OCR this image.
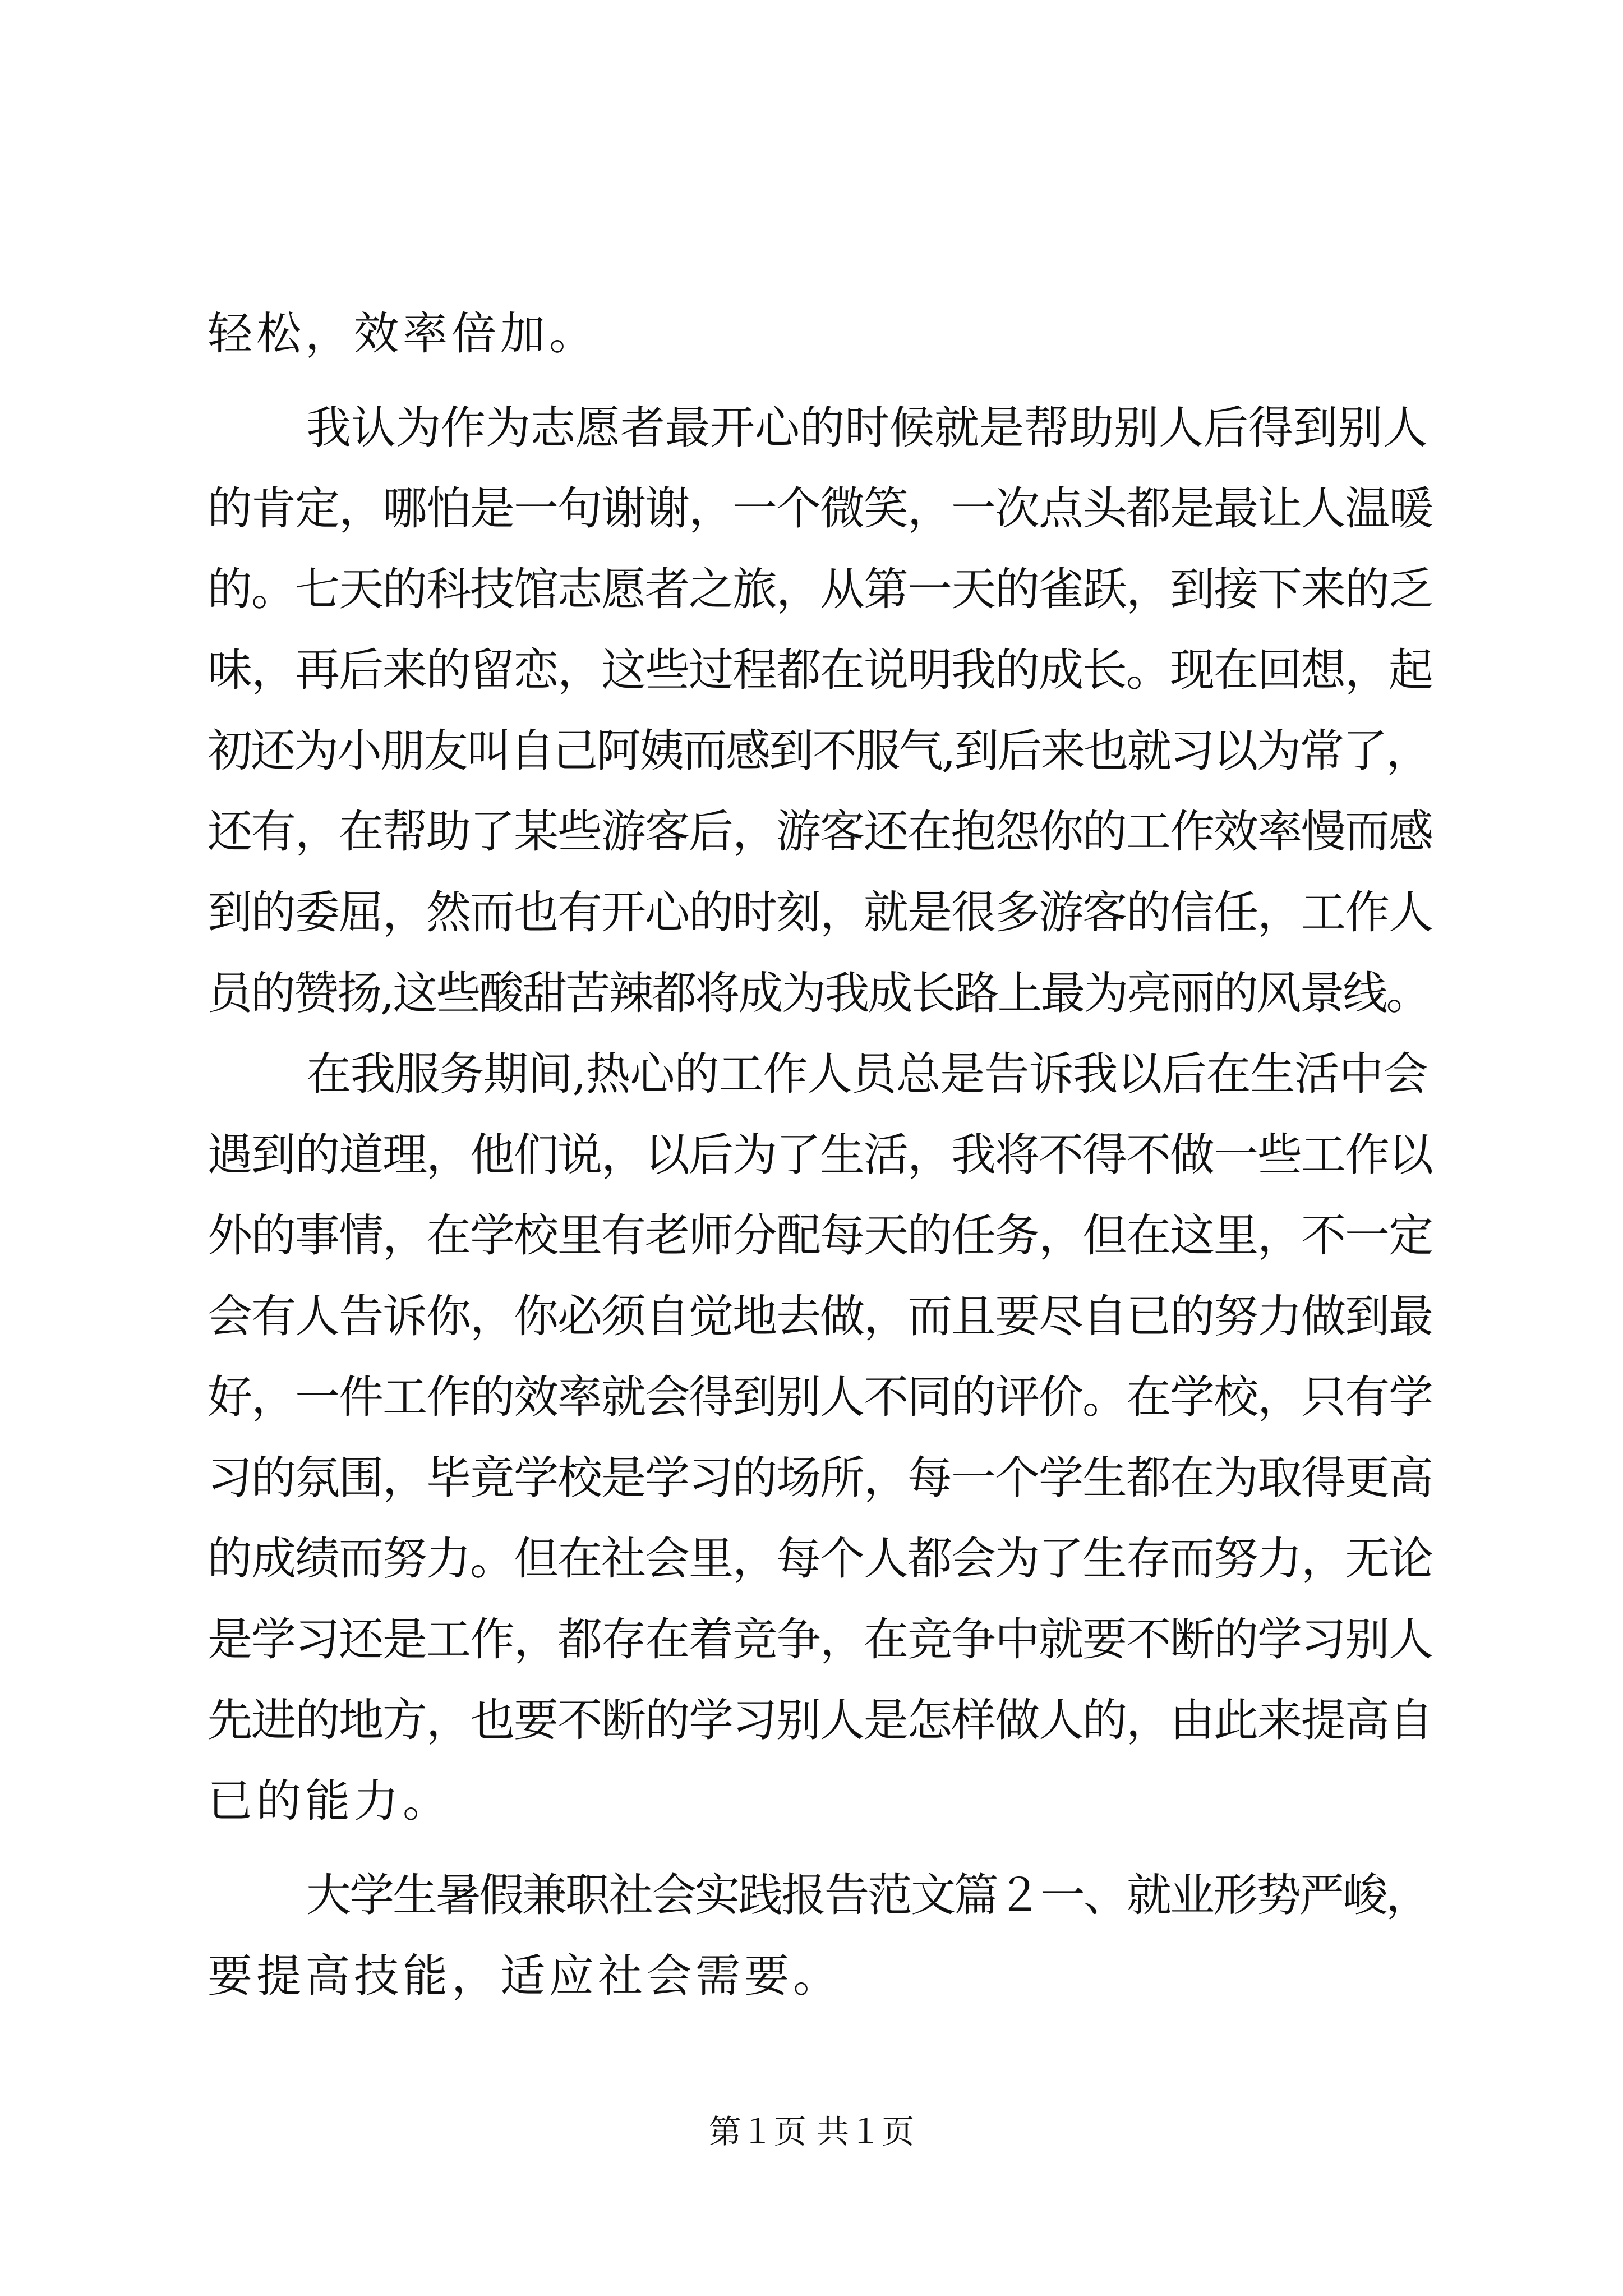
轻松，效率倍加。
我认为作为志愿者最开心的时候就是帮助别人后得到别人
的肯定，哪怕是一句谢谢，一个微笑，一次点头都是最让人温暖
的。七天的科技馆志愿者之旅，从第一天的雀跃，到接下来的乏
味，再后来的留恋，这些过程都在说明我的成长。现在回想，起
初还为小朋友叫自己阿姨而感到不服气,到后来也就习以为常了，
还有，在帮助了某些游客后，游客还在抱怨你的工作效率慢而感
到的委屈，然而也有开心的时刻，就是很多游客的信任，工作人
员的赞扬,这些酸甜苦辣都将成为我成长路上最为亮丽的风景线。
在我服务期间,热心的工作人员总是告诉我以后在生活中会
遇到的道理，他们说，以后为了生活，我将不得不做一些工作以
外的事情，在学校里有老师分配每天的任务，但在这里，不一定
会有人告诉你，你必须自觉地去做，而且要尽自已的努力做到最
好，一件工作的效率就会得到别人不同的评价。在学校，只有学
习的氛围，毕竟学校是学习的场所，每一个学生都在为取得更高
的成绩而努力。但在社会里，每个人都会为了生存而努力，无论
是学习还是工作，都存在着竞争，在竞争中就要不断的学习别人
先进的地方，也要不断的学习别人是怎样做人的，由此来提高自
已的能力。
大学生暑假兼职社会实践报告范文篇２一、就业形势严峻，
要提高技能，适应社会需要。
第１页 共１页
